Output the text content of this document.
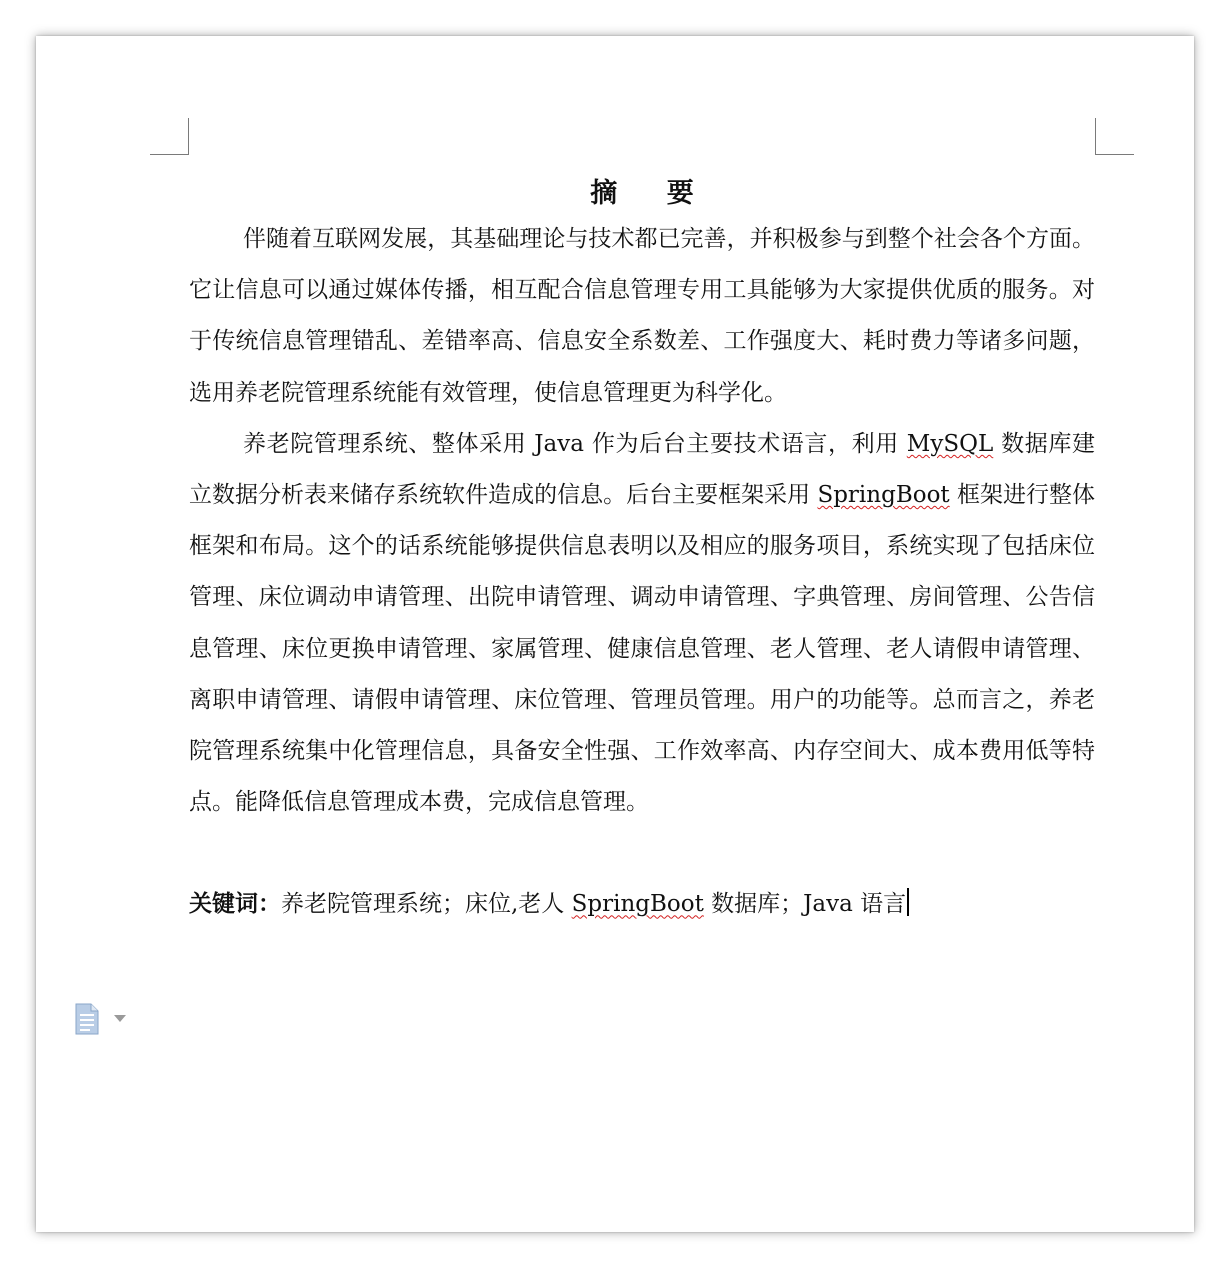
摘 要

伴随着互联网发展，其基础理论与技术都已完善，并积极参与到整个社会各个方面。它让信息可以通过媒体传播，相互配合信息管理专用工具能够为大家提供优质的服务。对于传统信息管理错乱、差错率高、信息安全系数差、工作强度大、耗时费力等诸多问题，选用养老院管理系统能有效管理，使信息管理更为科学化。

养老院管理系统、整体采用 Java 作为后台主要技术语言，利用 MySQL 数据库建立数据分析表来储存系统软件造成的信息。后台主要框架采用 SpringBoot 框架进行整体框架和布局。这个的话系统能够提供信息表明以及相应的服务项目，系统实现了包括床位管理、床位调动申请管理、出院申请管理、调动申请管理、字典管理、房间管理、公告信息管理、床位更换申请管理、家属管理、健康信息管理、老人管理、老人请假申请管理、离职申请管理、请假申请管理、床位管理、管理员管理。用户的功能等。总而言之，养老院管理系统集中化管理信息，具备安全性强、工作效率高、内存空间大、成本费用低等特点。能降低信息管理成本费，完成信息管理。

关键词：养老院管理系统；床位,老人 SpringBoot 数据库；Java 语言
